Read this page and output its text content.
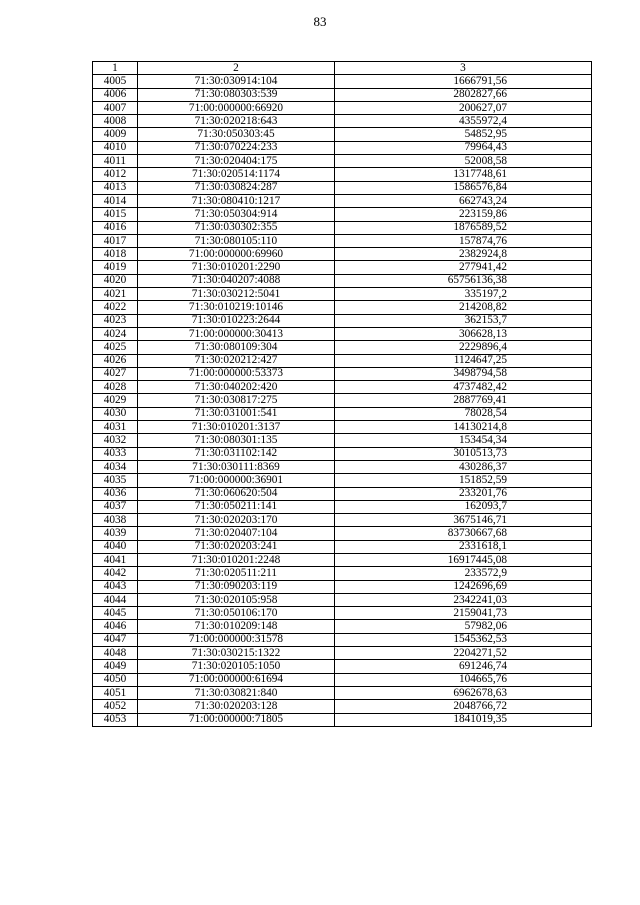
83
1	2	3
4005	71:30:030914:104	1666791,56
4006	71:30:080303:539	2802827,66
4007	71:00:000000:66920	200627,07
4008	71:30:020218:643	4355972,4
4009	71:30:050303:45	54852,95
4010	71:30:070224:233	79964,43
4011	71:30:020404:175	52008,58
4012	71:30:020514:1174	1317748,61
4013	71:30:030824:287	1586576,84
4014	71:30:080410:1217	662743,24
4015	71:30:050304:914	223159,86
4016	71:30:030302:355	1876589,52
4017	71:30:080105:110	157874,76
4018	71:00:000000:69960	2382924,8
4019	71:30:010201:2290	277941,42
4020	71:30:040207:4088	65756136,38
4021	71:30:030212:5041	335197,2
4022	71:30:010219:10146	214208,82
4023	71:30:010223:2644	362153,7
4024	71:00:000000:30413	306628,13
4025	71:30:080109:304	2229896,4
4026	71:30:020212:427	1124647,25
4027	71:00:000000:53373	3498794,58
4028	71:30:040202:420	4737482,42
4029	71:30:030817:275	2887769,41
4030	71:30:031001:541	78028,54
4031	71:30:010201:3137	14130214,8
4032	71:30:080301:135	153454,34
4033	71:30:031102:142	3010513,73
4034	71:30:030111:8369	430286,37
4035	71:00:000000:36901	151852,59
4036	71:30:060620:504	233201,76
4037	71:30:050211:141	162093,7
4038	71:30:020203:170	3675146,71
4039	71:30:020407:104	83730667,68
4040	71:30:020203:241	2331618,1
4041	71:30:010201:2248	16917445,08
4042	71:30:020511:211	233572,9
4043	71:30:090203:119	1242696,69
4044	71:30:020105:958	2342241,03
4045	71:30:050106:170	2159041,73
4046	71:30:010209:148	57982,06
4047	71:00:000000:31578	1545362,53
4048	71:30:030215:1322	2204271,52
4049	71:30:020105:1050	691246,74
4050	71:00:000000:61694	104665,76
4051	71:30:030821:840	6962678,63
4052	71:30:020203:128	2048766,72
4053	71:00:000000:71805	1841019,35
